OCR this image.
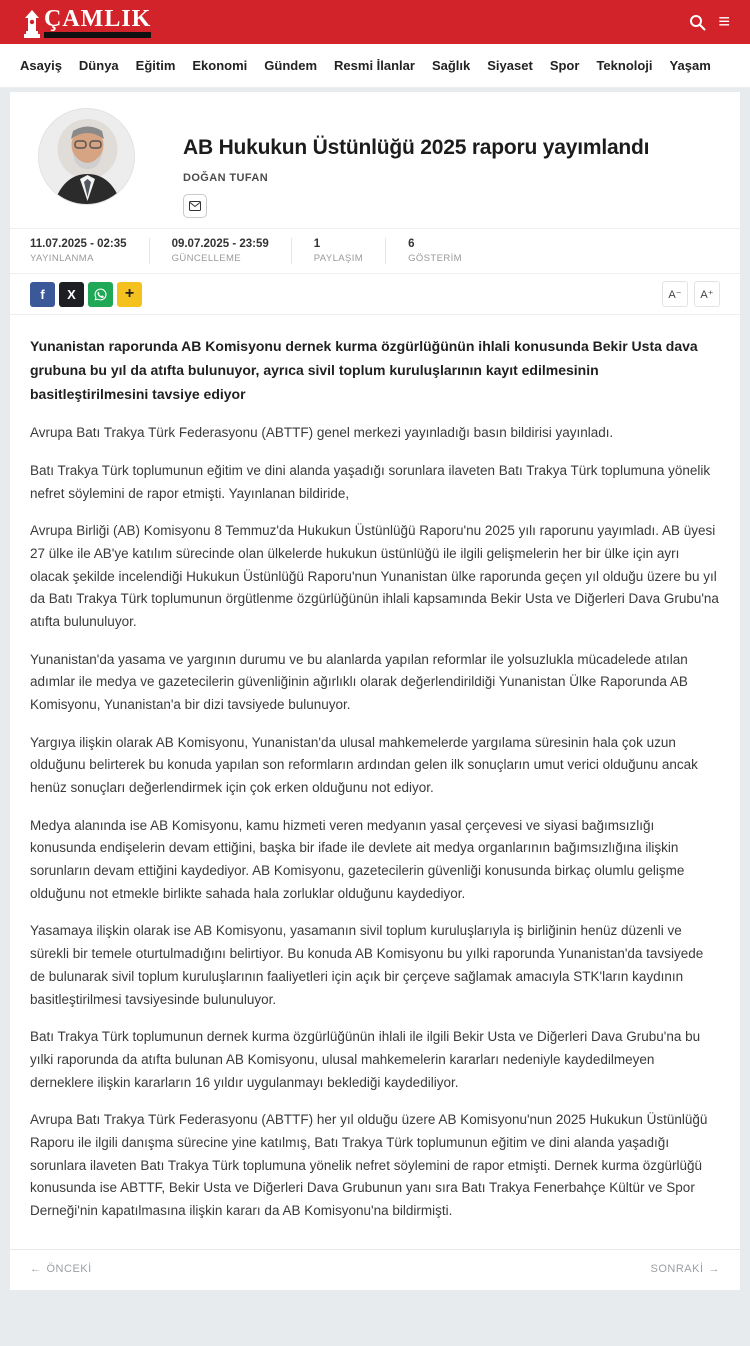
ÇAMLIK	≡
Asayiş Dünya Eğitim Ekonomi Gündem Resmi İlanlar Sağlık Siyaset Spor Teknoloji Yaşam
AB Hukukun Üstünlüğü 2025 raporu yayımlandı
DOĞAN TUFAN
11.07.2025 - 02:35
YAYINLANMA
09.07.2025 - 23:59
GÜNCELLEME
1
PAYLAŞIM
6
GÖSTERİM
f	X	+	A⁻	A⁺

Yunanistan raporunda AB Komisyonu dernek kurma özgürlüğünün ihlali konusunda Bekir Usta dava grubuna bu yıl da atıfta bulunuyor, ayrıca sivil toplum kuruluşlarının kayıt edilmesinin basitleştirilmesini tavsiye ediyor

Avrupa Batı Trakya Türk Federasyonu (ABTTF) genel merkezi yayınladığı basın bildirisi yayınladı.

Batı Trakya Türk toplumunun eğitim ve dini alanda yaşadığı sorunlara ilaveten Batı Trakya Türk toplumuna yönelik nefret söylemini de rapor etmişti. Yayınlanan bildiride,

Avrupa Birliği (AB) Komisyonu 8 Temmuz'da Hukukun Üstünlüğü Raporu'nu 2025 yılı raporunu yayımladı. AB üyesi 27 ülke ile AB'ye katılım sürecinde olan ülkelerde hukukun üstünlüğü ile ilgili gelişmelerin her bir ülke için ayrı olacak şekilde incelendiği Hukukun Üstünlüğü Raporu'nun Yunanistan ülke raporunda geçen yıl olduğu üzere bu yıl da Batı Trakya Türk toplumunun örgütlenme özgürlüğünün ihlali kapsamında Bekir Usta ve Diğerleri Dava Grubu'na atıfta bulunuluyor.

Yunanistan'da yasama ve yargının durumu ve bu alanlarda yapılan reformlar ile yolsuzlukla mücadelede atılan adımlar ile medya ve gazetecilerin güvenliğinin ağırlıklı olarak değerlendirildiği Yunanistan Ülke Raporunda AB Komisyonu, Yunanistan'a bir dizi tavsiyede bulunuyor.

Yargıya ilişkin olarak AB Komisyonu, Yunanistan'da ulusal mahkemelerde yargılama süresinin hala çok uzun olduğunu belirterek bu konuda yapılan son reformların ardından gelen ilk sonuçların umut verici olduğunu ancak henüz sonuçları değerlendirmek için çok erken olduğunu not ediyor.

Medya alanında ise AB Komisyonu, kamu hizmeti veren medyanın yasal çerçevesi ve siyasi bağımsızlığı konusunda endişelerin devam ettiğini, başka bir ifade ile devlete ait medya organlarının bağımsızlığına ilişkin sorunların devam ettiğini kaydediyor. AB Komisyonu, gazetecilerin güvenliği konusunda birkaç olumlu gelişme olduğunu not etmekle birlikte sahada hala zorluklar olduğunu kaydediyor.

Yasamaya ilişkin olarak ise AB Komisyonu, yasamanın sivil toplum kuruluşlarıyla iş birliğinin henüz düzenli ve sürekli bir temele oturtulmadığını belirtiyor. Bu konuda AB Komisyonu bu yılki raporunda Yunanistan'da tavsiyede de bulunarak sivil toplum kuruluşlarının faaliyetleri için açık bir çerçeve sağlamak amacıyla STK'ların kaydının basitleştirilmesi tavsiyesinde bulunuluyor.

Batı Trakya Türk toplumunun dernek kurma özgürlüğünün ihlali ile ilgili Bekir Usta ve Diğerleri Dava Grubu'na bu yılki raporunda da atıfta bulunan AB Komisyonu, ulusal mahkemelerin kararları nedeniyle kaydedilmeyen derneklere ilişkin kararların 16 yıldır uygulanmayı beklediği kaydediliyor.

Avrupa Batı Trakya Türk Federasyonu (ABTTF) her yıl olduğu üzere AB Komisyonu'nun 2025 Hukukun Üstünlüğü Raporu ile ilgili danışma sürecine yine katılmış, Batı Trakya Türk toplumunun eğitim ve dini alanda yaşadığı sorunlara ilaveten Batı Trakya Türk toplumuna yönelik nefret söylemini de rapor etmişti. Dernek kurma özgürlüğü konusunda ise ABTTF, Bekir Usta ve Diğerleri Dava Grubunun yanı sıra Batı Trakya Fenerbahçe Kültür ve Spor Derneği'nin kapatılmasına ilişkin kararı da AB Komisyonu'na bildirmişti.

← ÖNCEKİ	SONRAKİ →
